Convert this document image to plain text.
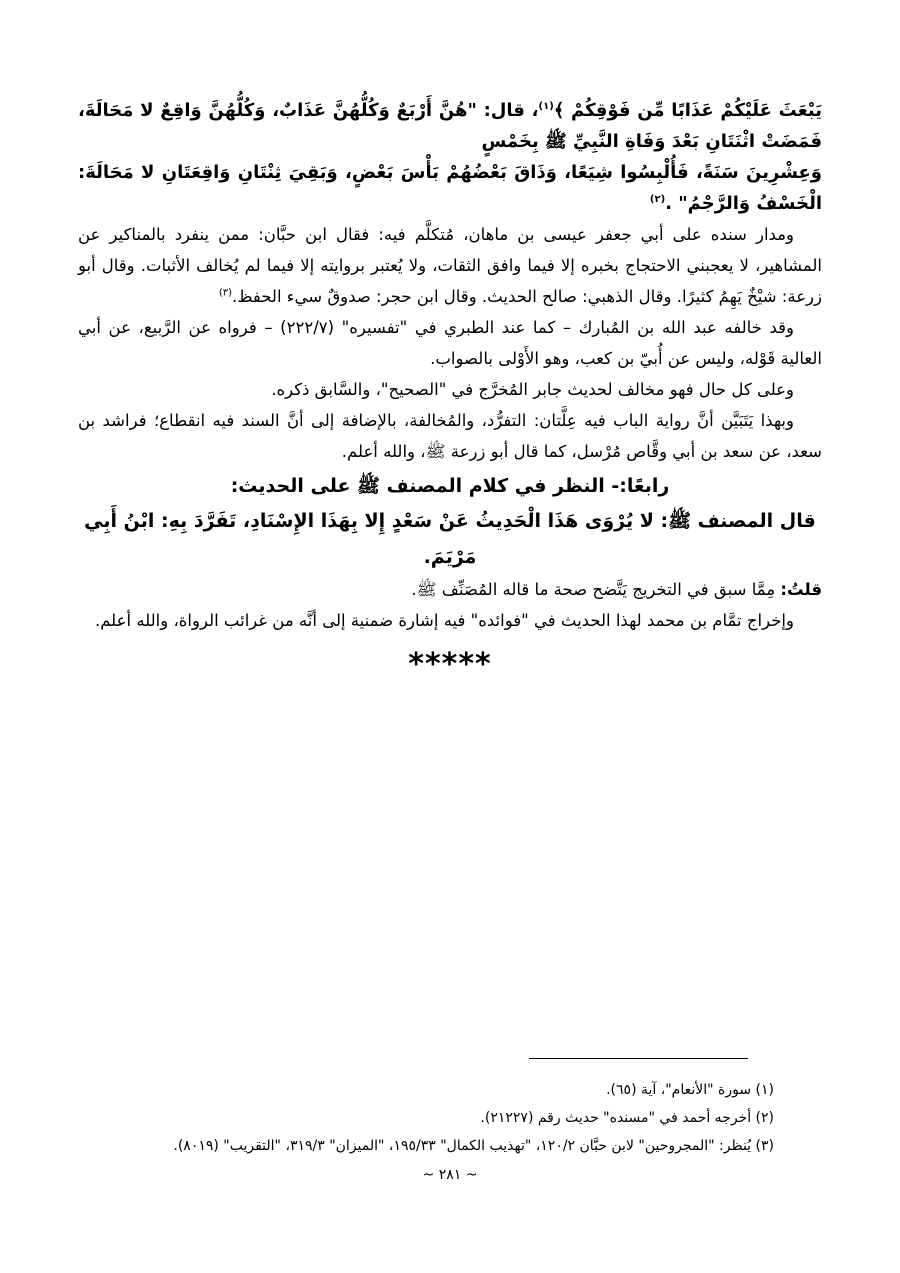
يَبْعَثَ عَلَيْكُمْ عَذَابًا مِّن فَوْقِكُمْ ﴾$^{(١)}$، قال: "هُنَّ أَرْبَعٌ وَكُلُّهُنَّ عَذَابٌ، وَكُلُّهُنَّ وَاقِعٌ لا مَحَالَةَ، فَمَضَتْ اثْنَتَانِ بَعْدَ وَفَاةِ النَّبِيِّ ﷺ بِخَمْسٍ

وَعِشْرِينَ سَنَةً، فَأُلْبِسُوا شِيَعًا، وَذَاقَ بَعْضُهُمْ بَأْسَ بَعْضٍ، وَبَقِيَ ثِنْتَانِ وَاقِعَتَانِ لا مَحَالَةَ: الْخَسْفُ وَالرَّجْمُ" .$^{(٢)}$

ومدار سنده على أبي جعفر عيسى بن ماهان، مُتكلَّم فيه: فقال ابن حبَّان: ممن ينفرد بالمناكير عن المشاهير، لا يعجبني الاحتجاج بخبره إلا فيما وافق الثقات، ولا يُعتبر بروايته إلا فيما لم يُخالف الأثبات. وقال أبو زرعة: شيْخٌ يَهِمُ كثيرًا. وقال الذهبي: صالح الحديث. وقال ابن حجر: صدوقٌ سيء الحفظ.$^{(٣)}$

وقد خالفه عبد الله بن المُبارك – كما عند الطبري في "تفسيره" (٢٢٢/٧) – فرواه عن الرَّبيع، عن أبي العالية قَوْله، وليس عن أُبيّ بن كعب، وهو الأَوْلى بالصواب.

وعلى كل حال فهو مخالف لحديث جابر المُخرَّج في "الصحيح"، والسَّابق ذكره.

وبهذا يَتَبَيَّن أنَّ رواية الباب فيه عِلَّتان: التفرُّد، والمُخالفة، بالإضافة إلى أنَّ السند فيه انقطاع؛ فراشد بن سعد، عن سعد بن أبي وقَّاص مُرْسل، كما قال أبو زرعة ﷺ، والله أعلم.

رابعًا:- النظر في كلام المصنف ﷺ على الحديث:

قال المصنف ﷺ: لا يُرْوَى هَذَا الْحَدِيثُ عَنْ سَعْدٍ إِلا بِهَذَا الإِسْنَادِ، تَفَرَّدَ بِهِ: ابْنُ أَبِي مَرْيَمَ.

قلتُ: مِمَّا سبق في التخريج يَتَّضح صحة ما قاله المُصَنِّف ﷺ.

وإخراج تمَّام بن محمد لهذا الحديث في "فوائده" فيه إشارة ضمنية إلى أنَّه من غرائب الرواة، والله أعلم.

*****

(١) سورة "الأنعام"، آية (٦٥).

(٢) أخرجه أحمد في "مسنده" حديث رقم (٢١٢٢٧).

(٣) يُنظر: "المجروحين" لابن حبَّان ١٢٠/٢، "تهذيب الكمال" ١٩٥/٣٣، "الميزان" ٣١٩/٣، "التقريب" (٨٠١٩).

~ ٢٨١ ~
